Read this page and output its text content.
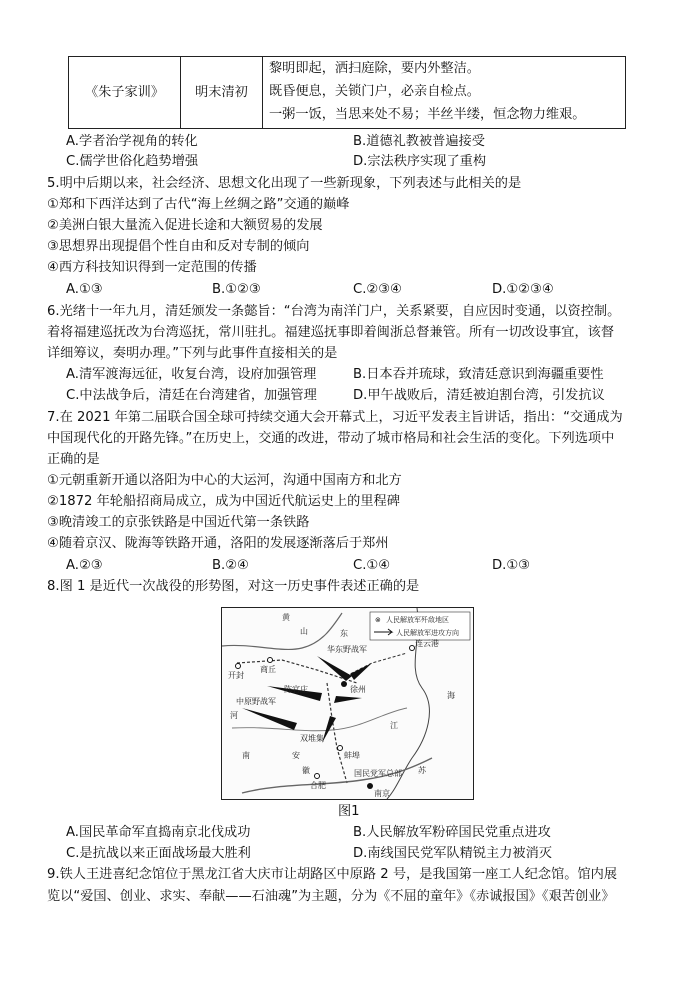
《朱子家训》	明末清初
黎明即起，洒扫庭除，要内外整洁。
既昏便息，关锁门户，必亲自检点。
一粥一饭，当思来处不易；半丝半缕，恒念物力维艰。
A.学者治学视角的转化	B.道德礼教被普遍接受
C.儒学世俗化趋势增强	D.宗法秩序实现了重构
5.明中后期以来，社会经济、思想文化出现了一些新现象，下列表述与此相关的是
①郑和下西洋达到了古代“海上丝绸之路”交通的巅峰
②美洲白银大量流入促进长途和大额贸易的发展
③思想界出现提倡个性自由和反对专制的倾向
④西方科技知识得到一定范围的传播
A.①③	B.①②③	C.②③④	D.①②③④
6.光绪十一年九月，清廷颁发一条懿旨：“台湾为南洋门户，关系紧要，自应因时变通，以资控制。
着将福建巡抚改为台湾巡抚，常川驻扎。福建巡抚事即着闽浙总督兼管。所有一切改设事宜，该督
详细筹议，奏明办理。”下列与此事件直接相关的是
A.清军渡海远征，收复台湾，设府加强管理	B.日本吞并琉球，致清廷意识到海疆重要性
C.中法战争后，清廷在台湾建省，加强管理	D.甲午战败后，清廷被迫割台湾，引发抗议
7.在 2021 年第二届联合国全球可持续交通大会开幕式上，习近平发表主旨讲话，指出：“交通成为
中国现代化的开路先锋。”在历史上，交通的改进，带动了城市格局和社会生活的变化。下列选项中
正确的是
①元朝重新开通以洛阳为中心的大运河，沟通中国南方和北方
②1872 年轮船招商局成立，成为中国近代航运史上的里程碑
③晚清竣工的京张铁路是中国近代第一条铁路
④随着京汉、陇海等铁路开通，洛阳的发展逐渐落后于郑州
A.②③	B.②④	C.①④	D.①③
8.图 1 是近代一次战役的形势图，对这一历史事件表述正确的是
⊗ 人民解放军歼敌地区
人民解放军进攻方向
开封
商丘
徐州
连云港
蚌埠
合肥
南京
中原野战军
华东野战军
国民党军总部
双堆集
陈官庄
黄
海
山	东
河
南	安
徽
江
苏
图1
A.国民革命军直捣南京北伐成功	B.人民解放军粉碎国民党重点进攻
C.是抗战以来正面战场最大胜利	D.南线国民党军队精锐主力被消灭
9.铁人王进喜纪念馆位于黑龙江省大庆市让胡路区中原路 2 号，是我国第一座工人纪念馆。馆内展
览以“爱国、创业、求实、奉献——石油魂”为主题，分为《不屈的童年》《赤诚报国》《艰苦创业》
